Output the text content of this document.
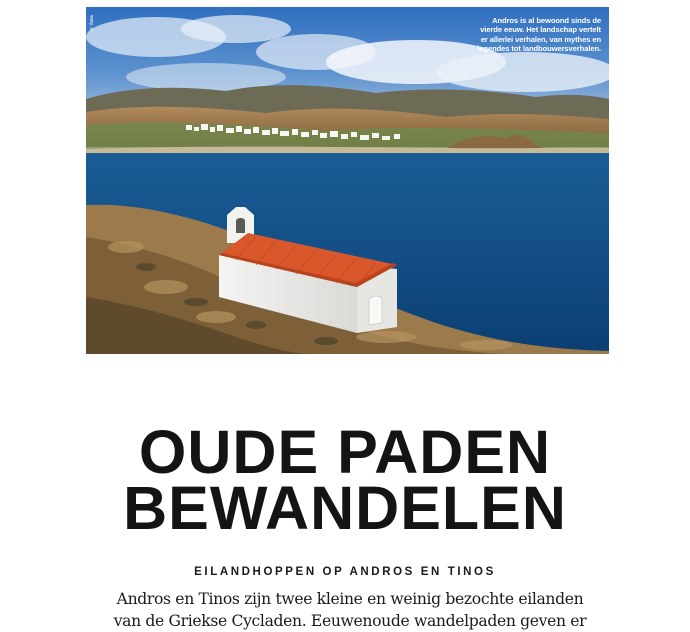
© foto	Andros is al bewoond sinds de
vierde eeuw. Het landschap vertelt
er allerlei verhalen, van mythes en
legendes tot landbouwersverhalen.
OUDE PADEN
BEWANDELEN
EILANDHOPPEN OP ANDROS EN TINOS
Andros en Tinos zijn twee kleine en weinig bezochte eilanden
van de Griekse Cycladen. Eeuwenoude wandelpaden geven er
